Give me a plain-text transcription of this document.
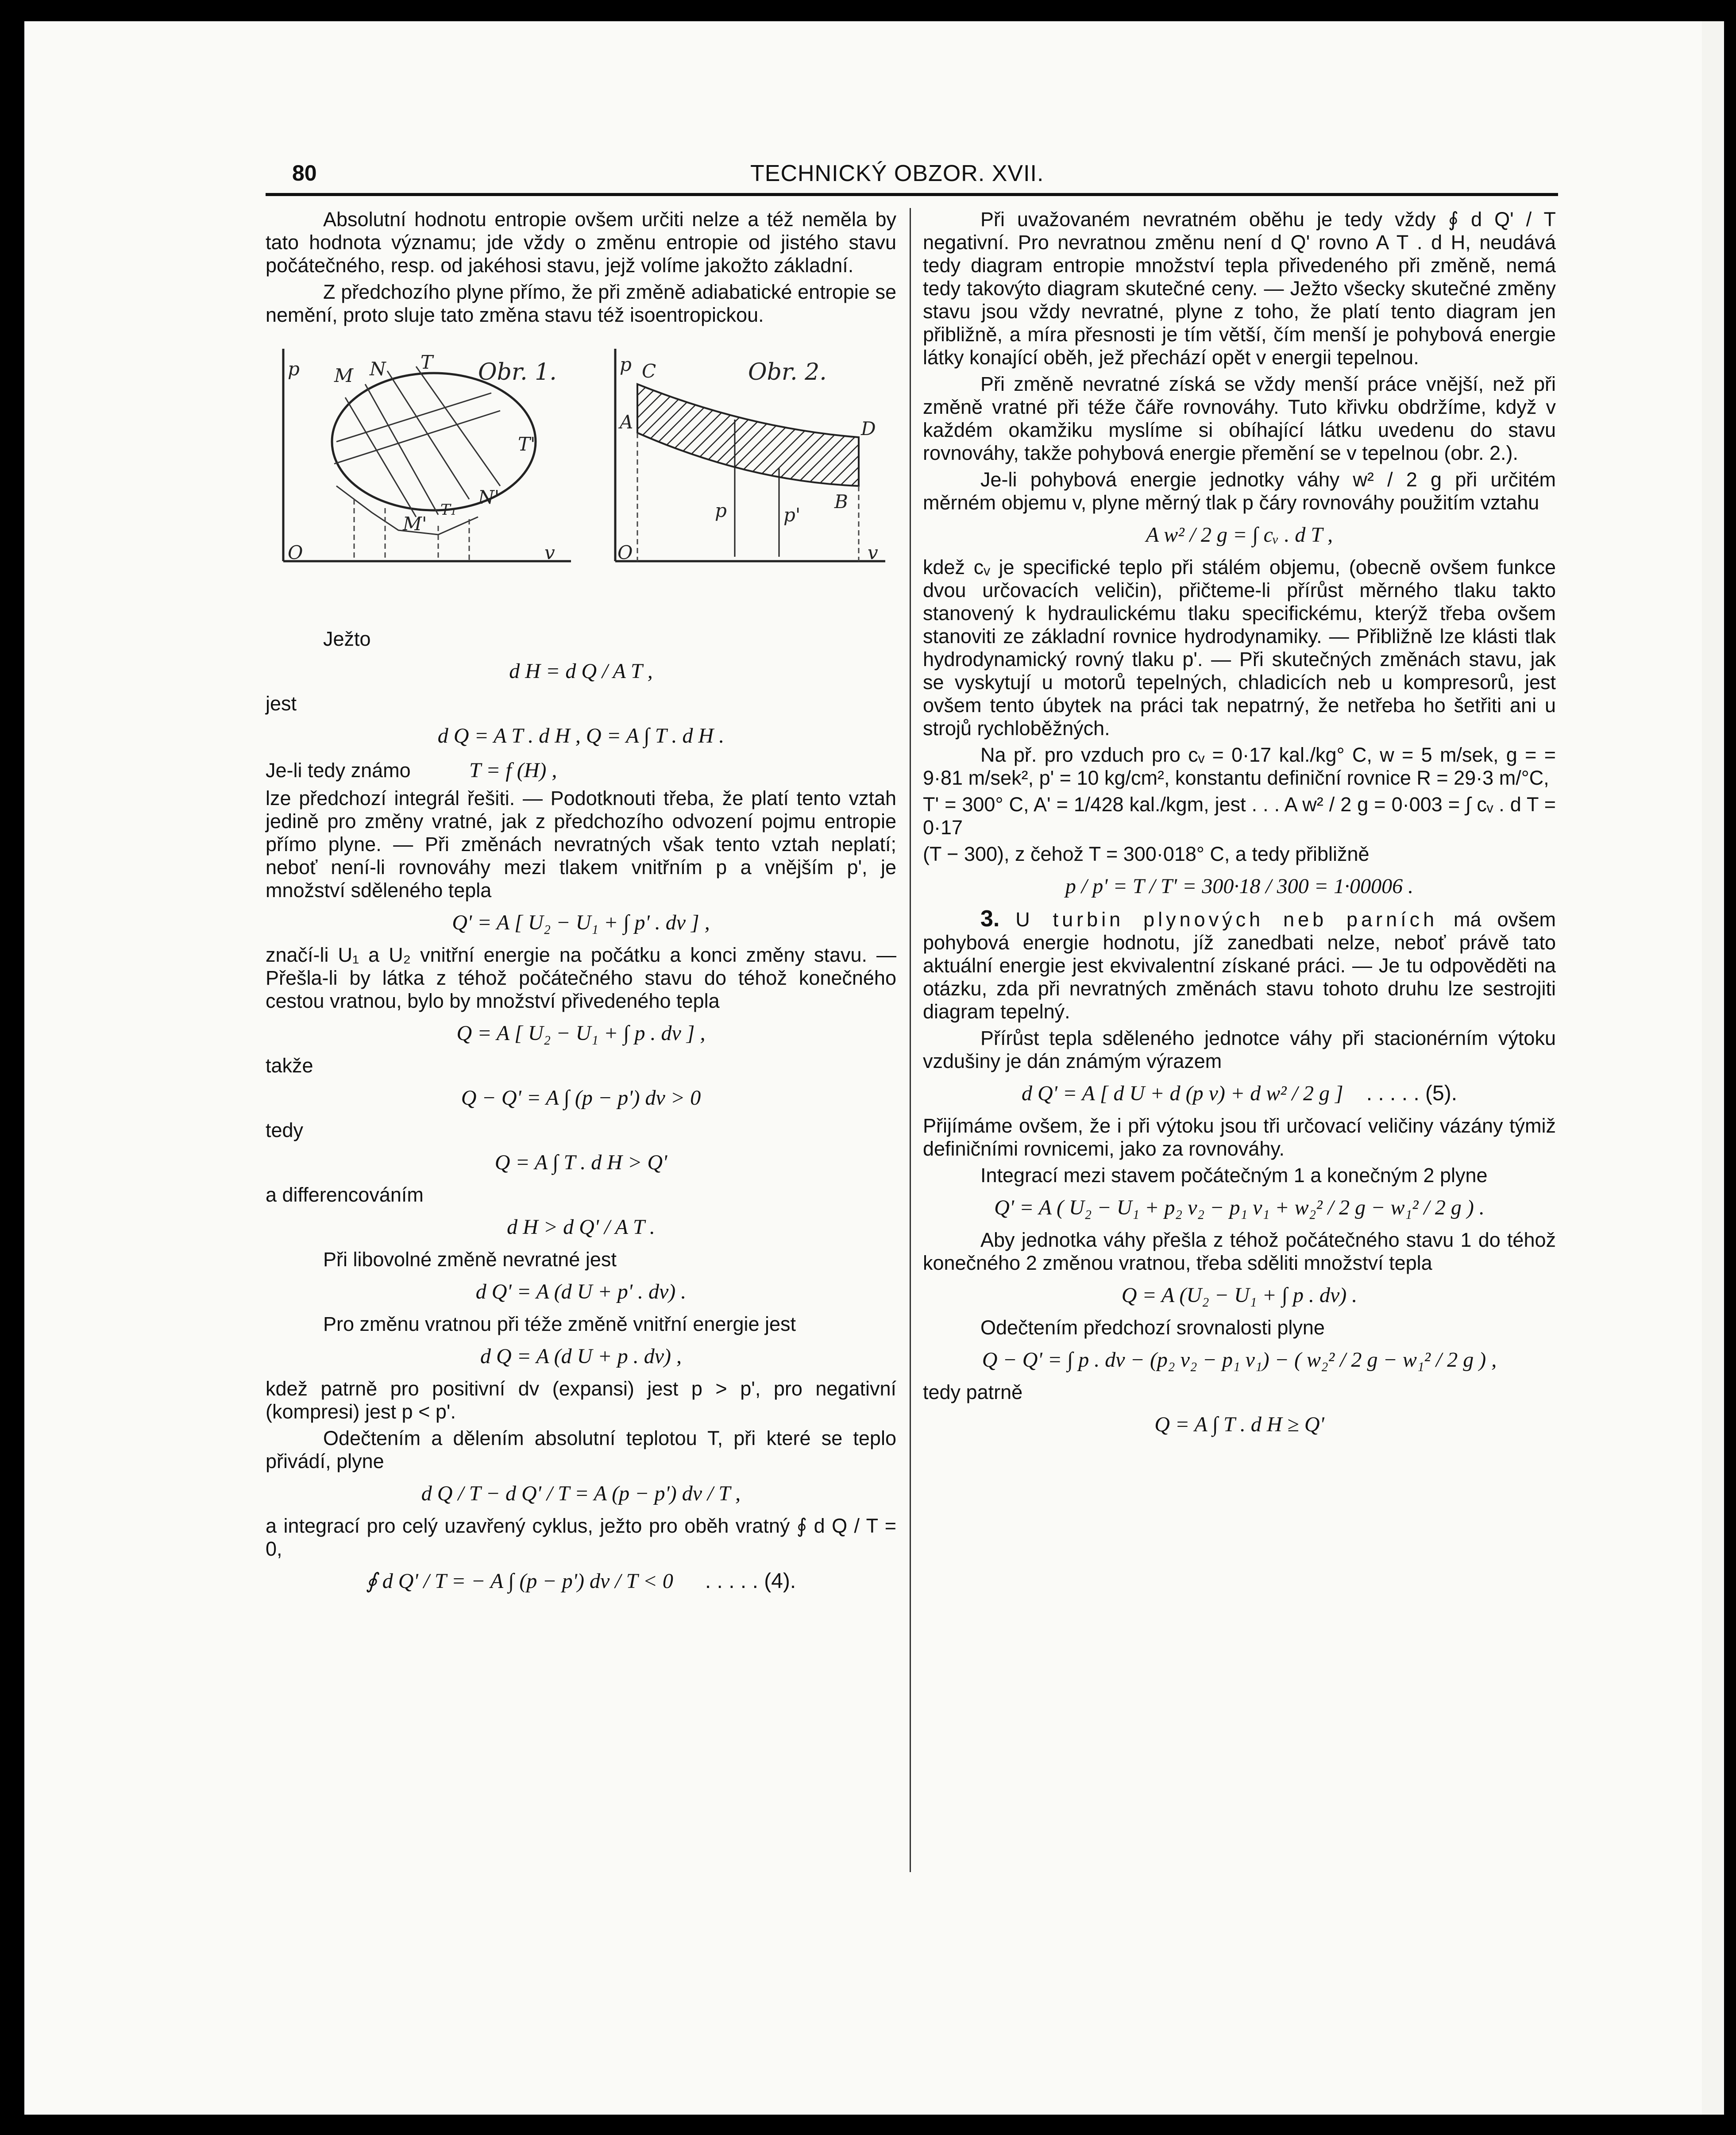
80	TECHNICKÝ OBZOR. XVII.

Absolutní hodnotu entropie ovšem určiti nelze a též neměla by tato hodnota významu; jde vždy o změnu entropie od jistého stavu počátečného, resp. od jakéhosi stavu, jejž volíme jakožto základní.

Z předchozího plyne přímo, že při změně adiabatické entropie se nemění, proto sluje tato změna stavu též isoentropickou.

p
O	v
M N T
T'
N'
M'
T₁
Obr. 1.	p
O	v
C
A	D
B
p	p'
Obr. 2.

Ježto

d H = d Q / A T ,

jest

d Q = A T . d H , Q = A ∫ T . d H .

Je-li tedy známo	T = f (H) ,

lze předchozí integrál řešiti. — Podotknouti třeba, že platí tento vztah jedině pro změny vratné, jak z předchozího odvození pojmu entropie přímo plyne. — Při změnách nevratných však tento vztah neplatí; neboť není-li rovnováhy mezi tlakem vnitřním p a vnějším p', je množství sděleného tepla

Q' = A [ U₂ − U₁ + ∫ p' . dv ] ,

značí-li U₁ a U₂ vnitřní energie na počátku a konci změny stavu. — Přešla-li by látka z téhož počátečného stavu do téhož konečného cestou vratnou, bylo by množství přivedeného tepla

Q = A [ U₂ − U₁ + ∫ p . dv ] ,

takže

Q − Q' = A ∫ (p − p') dv > 0

tedy

Q = A ∫ T . d H > Q'

a differencováním

d H > d Q' / A T .

Při libovolné změně nevratné jest

d Q' = A (d U + p' . dv) .

Pro změnu vratnou při téže změně vnitřní energie jest

d Q = A (d U + p . dv) ,

kdež patrně pro positivní dv (expansi) jest p > p', pro negativní (kompresi) jest p < p'.

Odečtením a dělením absolutní teplotou T, při které se teplo přivádí, plyne

d Q / T − d Q' / T = A (p − p') dv / T ,

a integrací pro celý uzavřený cyklus, ježto pro oběh vratný ∮ d Q / T = 0,

∮ d Q' / T = − A ∫ (p − p') dv / T < 0 . . . . . (4).

Při uvažovaném nevratném oběhu je tedy vždy ∮ d Q' / T negativní. Pro nevratnou změnu není d Q' rovno A T . d H, neudává tedy diagram entropie množství tepla přivedeného při změně, nemá tedy takovýto diagram skutečné ceny. — Ježto všecky skutečné změny stavu jsou vždy nevratné, plyne z toho, že platí tento diagram jen přibližně, a míra přesnosti je tím větší, čím menší je pohybová energie látky konající oběh, jež přechází opět v energii tepelnou.

Při změně nevratné získá se vždy menší práce vnější, než při změně vratné při téže čáře rovnováhy. Tuto křivku obdržíme, když v každém okamžiku myslíme si obíhající látku uvedenu do stavu rovnováhy, takže pohybová energie přemění se v tepelnou (obr. 2.).

Je-li pohybová energie jednotky váhy w² / 2 g při určitém měrném objemu v, plyne měrný tlak p čáry rovnováhy použitím vztahu

A w² / 2 g = ∫ cᵥ . d T ,

kdež cᵥ je specifické teplo při stálém objemu, (obecně ovšem funkce dvou určovacích veličin), přičteme-li přírůst měrného tlaku takto stanovený k hydraulickému tlaku specifickému, kterýž třeba ovšem stanoviti ze základní rovnice hydrodynamiky. — Přibližně lze klásti tlak hydrodynamický rovný tlaku p'. — Při skutečných změnách stavu, jak se vyskytují u motorů tepelných, chladicích neb u kompresorů, jest ovšem tento úbytek na práci tak nepatrný, že netřeba ho šetřiti ani u strojů rychloběžných.

Na př. pro vzduch pro cᵥ = 0·17 kal./kg° C, w = 5 m/sek, g = = 9·81 m/sek², p' = 10 kg/cm², konstantu definiční rovnice R = 29·3 m/°C,

T' = 300° C, A' = 1/428 kal./kgm, jest . . . A w² / 2 g = 0·003 = ∫ cᵥ . d T = 0·17

(T − 300), z čehož T = 300·018° C, a tedy přibližně

p / p' = T / T' = 300·18 / 300 = 1·00006 .

3. U turbin plynových neb parních má ovšem pohybová energie hodnotu, jíž zanedbati nelze, neboť právě tato aktuální energie jest ekvivalentní získané práci. — Je tu odpověděti na otázku, zda při nevratných změnách stavu tohoto druhu lze sestrojiti diagram tepelný.

Přírůst tepla sděleného jednotce váhy při stacionérním výtoku vzdušiny je dán známým výrazem

d Q' = A [ d U + d (p v) + d w² / 2 g ] . . . . . (5).

Přijímáme ovšem, že i při výtoku jsou tři určovací veličiny vázány týmiž definičními rovnicemi, jako za rovnováhy.

Integrací mezi stavem počátečným 1 a konečným 2 plyne

Q' = A ( U₂ − U₁ + p₂ v₂ − p₁ v₁ + w₂² / 2 g − w₁² / 2 g ) .

Aby jednotka váhy přešla z téhož počátečného stavu 1 do téhož konečného 2 změnou vratnou, třeba sděliti množství tepla

Q = A (U₂ − U₁ + ∫ p . dv) .

Odečtením předchozí srovnalosti plyne

Q − Q' = ∫ p . dv − (p₂ v₂ − p₁ v₁) − ( w₂² / 2 g − w₁² / 2 g ) ,

tedy patrně

Q = A ∫ T . d H ≥ Q'
